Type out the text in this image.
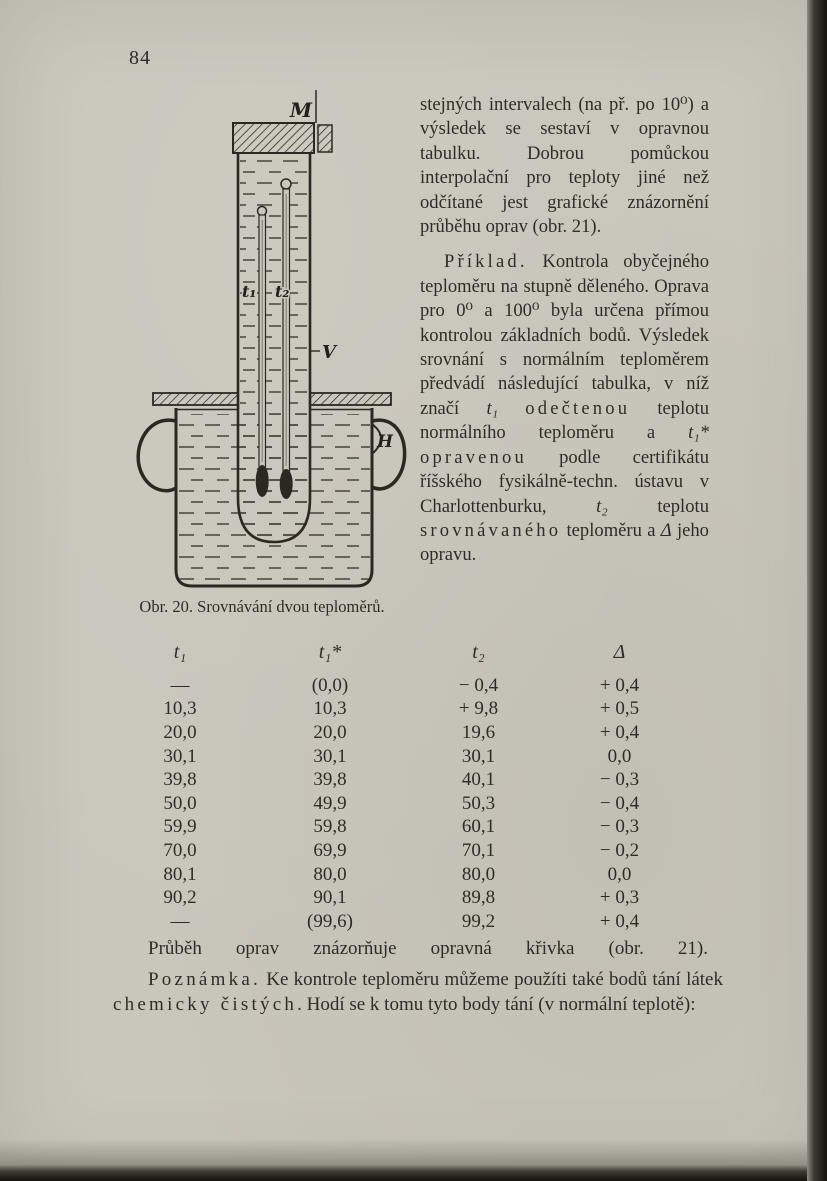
84
M
t₁ t₂
V
H
Obr. 20. Srovnávání dvou teploměrů.

stejných intervalech (na př. po 10⁰) a výsledek se sestaví v opravnou tabulku. Dobrou pomůckou interpolační pro teploty jiné než odčítané jest grafické znázornění průběhu oprav (obr. 21).

Příklad. Kontrola obyčejného teploměru na stupně děleného. Oprava pro 0⁰ a 100⁰ byla určena přímou kontrolou základních bodů. Výsledek srovnání s normálním teploměrem předvádí následující tabulka, v níž značí t₁ odečtenou teplotu normálního teploměru a t₁* opravenou podle certifikátu říšského fysikálně-techn. ústavu v Charlottenburku,	t₂	teplotu srovnávaného teploměru a Δ jeho opravu.

t₁	t₁*	t₂	Δ
—	(0,0)	− 0,4	+ 0,4
10,3	10,3	+ 9,8	+ 0,5
20,0	20,0	19,6	+ 0,4
30,1	30,1	30,1	0,0
39,8	39,8	40,1	− 0,3
50,0	49,9	50,3	− 0,4
59,9	59,8	60,1	− 0,3
70,0	69,9	70,1	− 0,2
80,1	80,0	80,0	0,0
90,2	90,1	89,8	+ 0,3
—	(99,6)	99,2	+ 0,4

Průběh oprav znázorňuje opravná křivka (obr. 21).

Poznámka. Ke kontrole teploměru můžeme použíti také bodů tání látek chemicky čistých. Hodí se k tomu tyto body tání (v normální teplotě):
